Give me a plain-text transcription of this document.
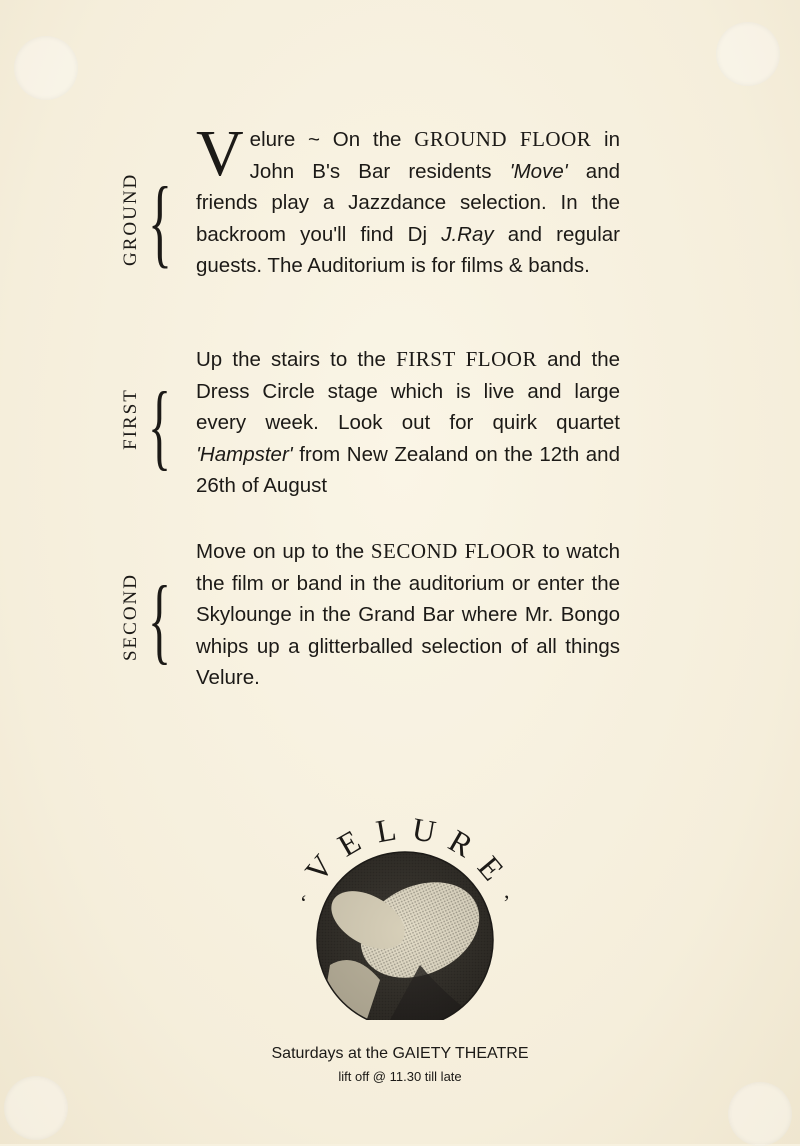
GROUND {

Velure ~ On the GROUND FLOOR in John B's Bar residents 'Move' and friends play a Jazzdance selection. In the backroom you'll find Dj J.Ray and regular guests. The Auditorium is for films & bands.

FIRST {

Up the stairs to the FIRST FLOOR and the Dress Circle stage which is live and large every week. Look out for quirk quartet 'Hampster' from New Zealand on the 12th and 26th of August

SECOND {

Move on up to the SECOND FLOOR to watch the film or band in the auditorium or enter the Skylounge in the Grand Bar where Mr. Bongo whips up a glitterballed selection of all things Velure.

V
E L U R
E
‘	’
Saturdays at the GAIETY THEATRE
lift off @ 11.30 till late
